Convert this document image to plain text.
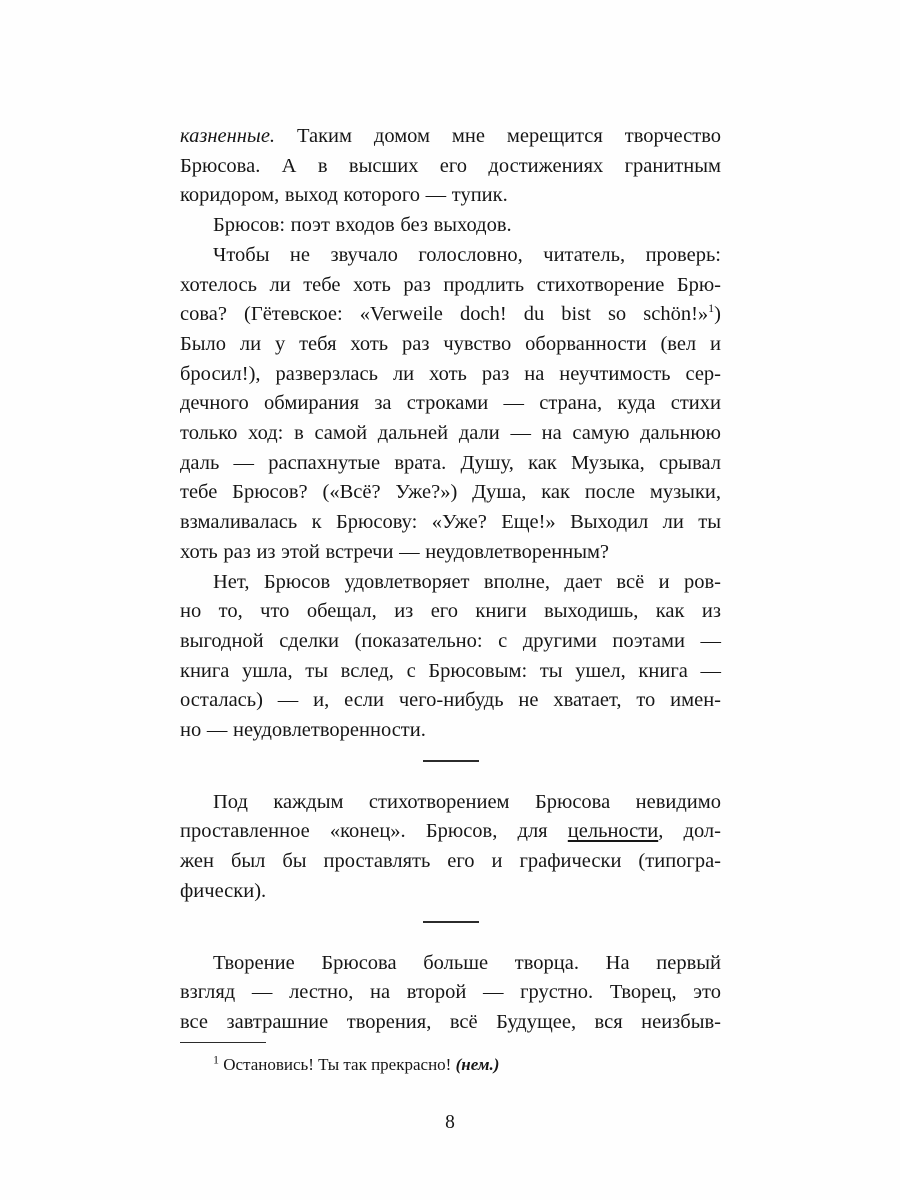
казненные. Таким домом мне мерещится творчество
Брюсова. А в высших его достижениях гранитным
коридором, выход которого — тупик.
Брюсов: поэт входов без выходов.
Чтобы не звучало голословно, читатель, проверь:
хотелось ли тебе хоть раз продлить стихотворение Брю-
сова? (Гётевское: «Verweile doch! du bist so schön!»$^1$)
Было ли у тебя хоть раз чувство оборванности (вел и
бросил!), разверзлась ли хоть раз на неучтимость сер-
дечного обмирания за строками — страна, куда стихи
только ход: в самой дальней дали — на самую дальнюю
даль — распахнутые врата. Душу, как Музыка, срывал
тебе Брюсов? («Всё? Уже?») Душа, как после музыки,
взмаливалась к Брюсову: «Уже? Еще!» Выходил ли ты
хоть раз из этой встречи — неудовлетворенным?
Нет, Брюсов удовлетворяет вполне, дает всё и ров-
но то, что обещал, из его книги выходишь, как из
выгодной сделки (показательно: с другими поэтами —
книга ушла, ты вслед, с Брюсовым: ты ушел, книга —
осталась) — и, если чего-нибудь не хватает, то имен-
но — неудовлетворенности.
Под каждым стихотворением Брюсова невидимо
проставленное «конец». Брюсов, для цельности, дол-
жен был бы проставлять его и графически (типогра-
фически).
Творение Брюсова больше творца. На первый
взгляд — лестно, на второй — грустно. Творец, это
все завтрашние творения, всё Будущее, вся неизбыв-
$^1$ Остановись! Ты так прекрасно! (нем.)
8
